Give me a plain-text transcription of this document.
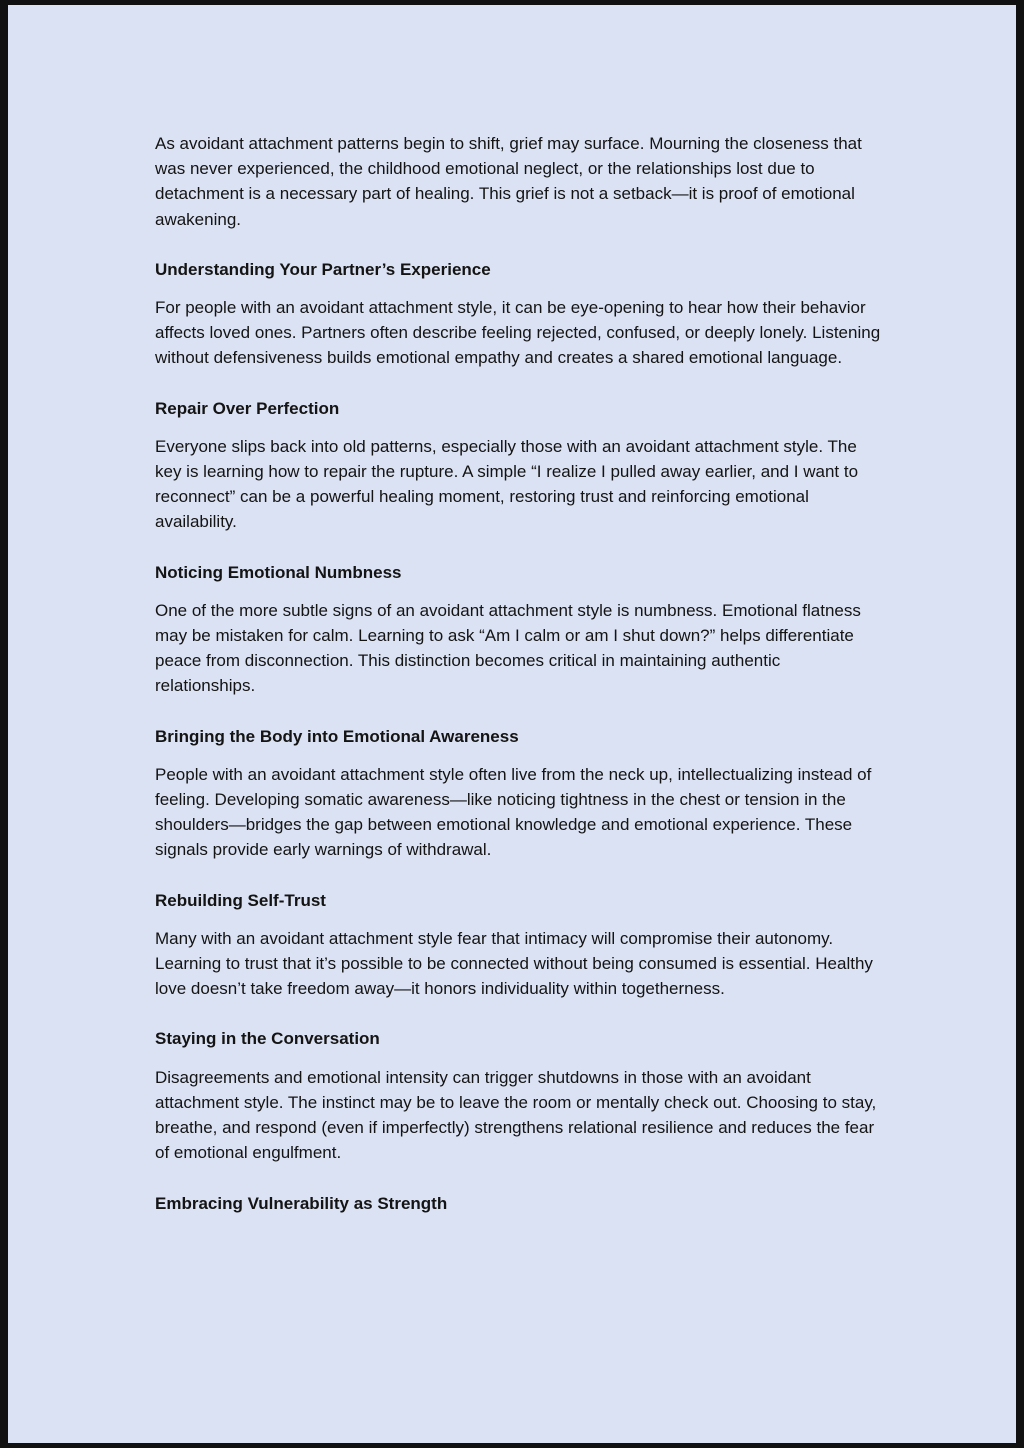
As avoidant attachment patterns begin to shift, grief may surface. Mourning the closeness that was never experienced, the childhood emotional neglect, or the relationships lost due to detachment is a necessary part of healing. This grief is not a setback—it is proof of emotional awakening.

Understanding Your Partner’s Experience

For people with an avoidant attachment style, it can be eye-opening to hear how their behavior affects loved ones. Partners often describe feeling rejected, confused, or deeply lonely. Listening without defensiveness builds emotional empathy and creates a shared emotional language.

Repair Over Perfection

Everyone slips back into old patterns, especially those with an avoidant attachment style. The key is learning how to repair the rupture. A simple “I realize I pulled away earlier, and I want to reconnect” can be a powerful healing moment, restoring trust and reinforcing emotional availability.

Noticing Emotional Numbness

One of the more subtle signs of an avoidant attachment style is numbness. Emotional flatness may be mistaken for calm. Learning to ask “Am I calm or am I shut down?” helps differentiate peace from disconnection. This distinction becomes critical in maintaining authentic relationships.

Bringing the Body into Emotional Awareness

People with an avoidant attachment style often live from the neck up, intellectualizing instead of feeling. Developing somatic awareness—like noticing tightness in the chest or tension in the shoulders—bridges the gap between emotional knowledge and emotional experience. These signals provide early warnings of withdrawal.

Rebuilding Self-Trust

Many with an avoidant attachment style fear that intimacy will compromise their autonomy. Learning to trust that it’s possible to be connected without being consumed is essential. Healthy love doesn’t take freedom away—it honors individuality within togetherness.

Staying in the Conversation

Disagreements and emotional intensity can trigger shutdowns in those with an avoidant attachment style. The instinct may be to leave the room or mentally check out. Choosing to stay, breathe, and respond (even if imperfectly) strengthens relational resilience and reduces the fear of emotional engulfment.

Embracing Vulnerability as Strength
